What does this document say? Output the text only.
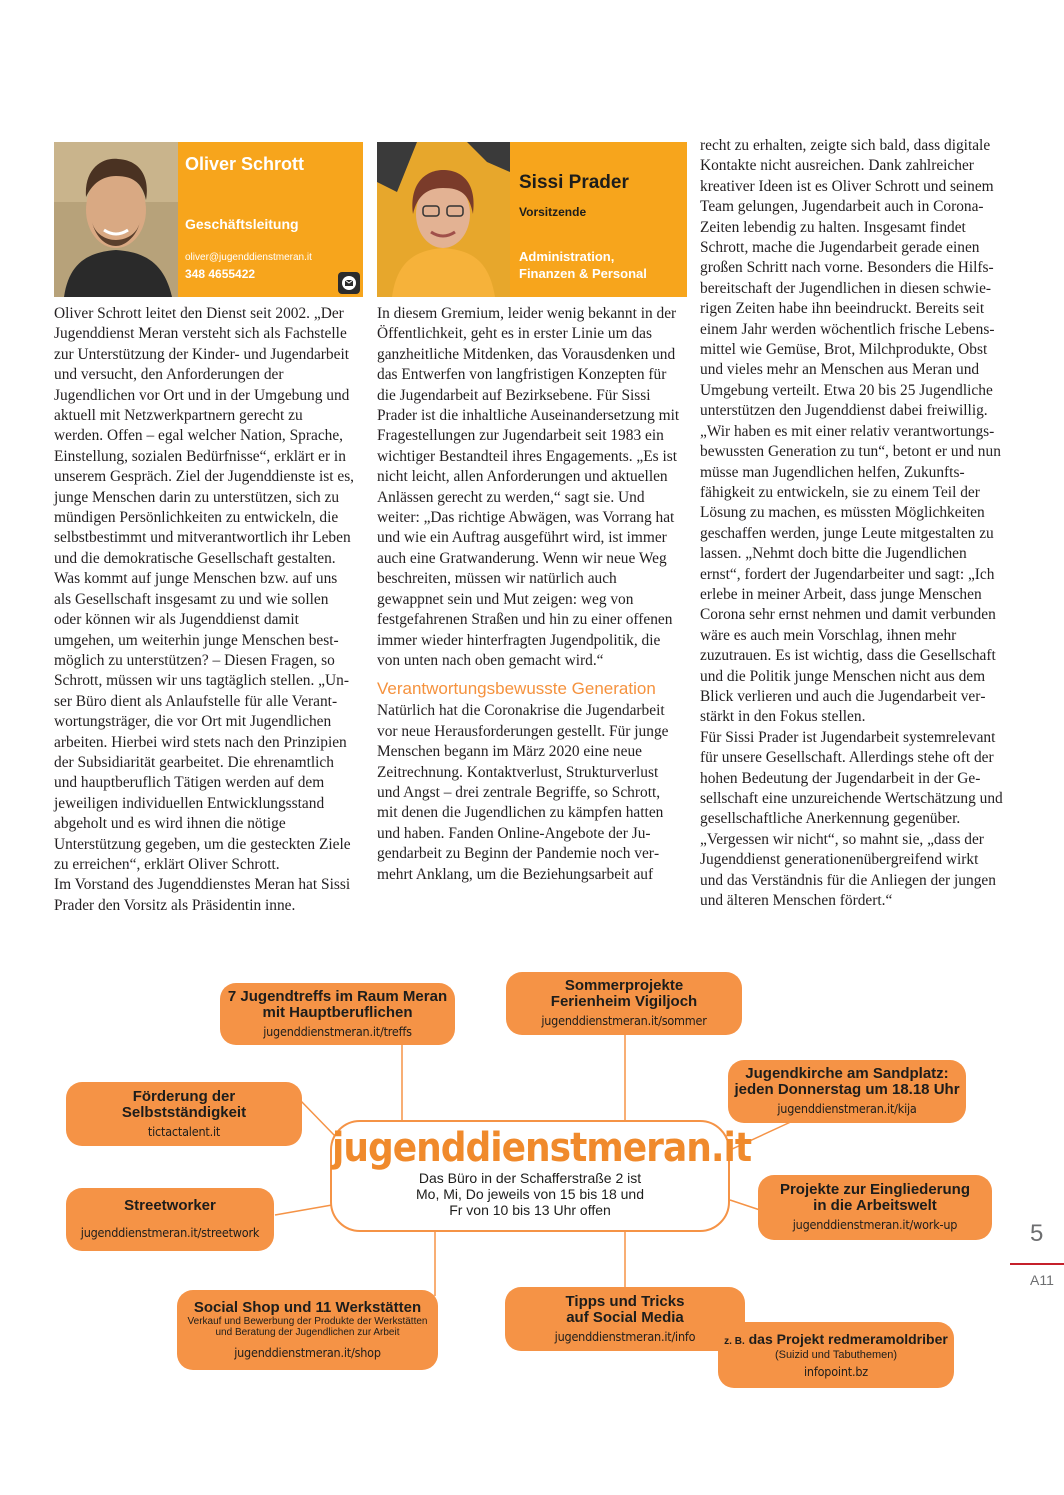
Oliver Schrott
Geschäftsleitung
oliver@jugenddienstmeran.it
348 4655422
Sissi Prader
Vorsitzende
Administration,
Finanzen & Personal

Oliver Schrott leitet den Dienst seit 2002. „Der Jugenddienst Meran versteht sich als Fachstelle zur Unterstützung der Kinder- und Jugendarbeit und versucht, den Anforderungen der Jugendlichen vor Ort und in der Umgebung und aktuell mit Netzwerkpartnern gerecht zu werden. Offen – egal welcher Nation, Sprache, Einstellung, sozialen Bedürfnisse“, erklärt er in unserem Gespräch. Ziel der Jugenddienste ist es, junge Menschen darin zu unterstützen, sich zu mündigen Persönlichkeiten zu entwickeln, die selbstbestimmt und mitverantwortlich ihr Leben und die demokratische Gesellschaft gestalten. Was kommt auf junge Menschen bzw. auf uns als Gesellschaft insgesamt zu und wie sollen oder können wir als Jugenddienst damit umgehen, um weiterhin junge Menschen bestmöglich zu unterstützen? – Diesen Fragen, so Schrott, müssen wir uns tagtäglich stellen. „Unser Büro dient als Anlaufstelle für alle Verantwortungsträger, die vor Ort mit Jugendlichen arbeiten. Hierbei wird stets nach den Prinzipien der Subsidiarität gearbeitet. Die ehrenamtlich und hauptberuflich Tätigen werden auf dem jeweiligen individuellen Entwicklungsstand abgeholt und es wird ihnen die nötige Unterstützung gegeben, um die gesteckten Ziele zu erreichen“, erklärt Oliver Schrott.

Im Vorstand des Jugenddienstes Meran hat Sissi Prader den Vorsitz als Präsidentin inne.

In diesem Gremium, leider wenig bekannt in der Öffentlichkeit, geht es in erster Linie um das ganzheitliche Mitdenken, das Vorausdenken und das Entwerfen von langfristigen Konzepten für die Jugendarbeit auf Bezirksebene. Für Sissi Prader ist die inhaltliche Auseinandersetzung mit Fragestellungen zur Jugendarbeit seit 1983 ein wichtiger Bestandteil ihres Engagements. „Es ist nicht leicht, allen Anforderungen und aktuellen Anlässen gerecht zu werden,“ sagt sie. Und weiter: „Das richtige Abwägen, was Vorrang hat und wie ein Auftrag ausgeführt wird, ist immer auch eine Gratwanderung. Wenn wir neue Weg beschreiten, müssen wir natürlich auch gewappnet sein und Mut zeigen: weg von festgefahrenen Straßen und hin zu einer offenen immer wieder hinterfragten Jugendpolitik, die von unten nach oben gemacht wird.“

Verantwortungsbewusste Generation

Natürlich hat die Coronakrise die Jugendarbeit vor neue Herausforderungen gestellt. Für junge Menschen begann im März 2020 eine neue Zeitrechnung. Kontaktverlust, Strukturverlust und Angst – drei zentrale Begriffe, so Schrott, mit denen die Jugendlichen zu kämpfen hatten und haben. Fanden Online-Angebote der Jugendarbeit zu Beginn der Pandemie noch vermehrt Anklang, um die Beziehungsarbeit auf

recht zu erhalten, zeigte sich bald, dass digitale Kontakte nicht ausreichen. Dank zahlreicher kreativer Ideen ist es Oliver Schrott und seinem Team gelungen, Jugendarbeit auch in Corona-Zeiten lebendig zu halten. Insgesamt findet Schrott, mache die Jugendarbeit gerade einen großen Schritt nach vorne. Besonders die Hilfsbereitschaft der Jugendlichen in diesen schwierigen Zeiten habe ihn beeindruckt. Bereits seit einem Jahr werden wöchentlich frische Lebensmittel wie Gemüse, Brot, Milchprodukte, Obst und vieles mehr an Menschen aus Meran und Umgebung verteilt. Etwa 20 bis 25 Jugendliche unterstützen den Jugenddienst dabei freiwillig. „Wir haben es mit einer relativ verantwortungsbewussten Generation zu tun“, betont er und nun müsse man Jugendlichen helfen, Zukunftsfähigkeit zu entwickeln, sie zu einem Teil der Lösung zu machen, es müssten Möglichkeiten geschaffen werden, junge Leute mitgestalten zu lassen. „Nehmt doch bitte die Jugendlichen ernst“, fordert der Jugendarbeiter und sagt: „Ich erlebe in meiner Arbeit, dass junge Menschen Corona sehr ernst nehmen und damit verbunden wäre es auch mein Vorschlag, ihnen mehr zuzutrauen. Es ist wichtig, dass die Gesellschaft und die Politik junge Menschen nicht aus dem Blick verlieren und auch die Jugendarbeit verstärkt in den Fokus stellen.

Für Sissi Prader ist Jugendarbeit systemrelevant für unsere Gesellschaft. Allerdings stehe oft der hohen Bedeutung der Jugendarbeit in der Gesellschaft eine unzureichende Wertschätzung und gesellschaftliche Anerkennung gegenüber. „Vergessen wir nicht“, so mahnt sie, „dass der Jugenddienst generationenübergreifend wirkt und das Verständnis für die Anliegen der jungen und älteren Menschen fördert.“

jugenddienstmeran.it
Das Büro in der Schafferstraße 2 ist
Mo, Mi, Do jeweils von 15 bis 18 und
Fr von 10 bis 13 Uhr offen
7 Jugendtreffs im Raum Meran
mit Hauptberuflichen
jugenddienstmeran.it/treffs
Sommerprojekte
Ferienheim Vigiljoch
jugenddienstmeran.it/sommer
Jugendkirche am Sandplatz:
jeden Donnerstag um 18.18 Uhr
jugenddienstmeran.it/kija
Förderung der
Selbstständigkeit
tictactalent.it
Streetworker
jugenddienstmeran.it/streetwork
Projekte zur Eingliederung
in die Arbeitswelt
jugenddienstmeran.it/work-up
Social Shop und 11 Werkstätten
Verkauf und Bewerbung der Produkte der Werkstätten
und Beratung der Jugendlichen zur Arbeit
jugenddienstmeran.it/shop
Tipps und Tricks
auf Social Media
jugenddienstmeran.it/info	z. B. das Projekt redmeramoldriber
(Suizid und Tabuthemen)
infopoint.bz
5
A11
